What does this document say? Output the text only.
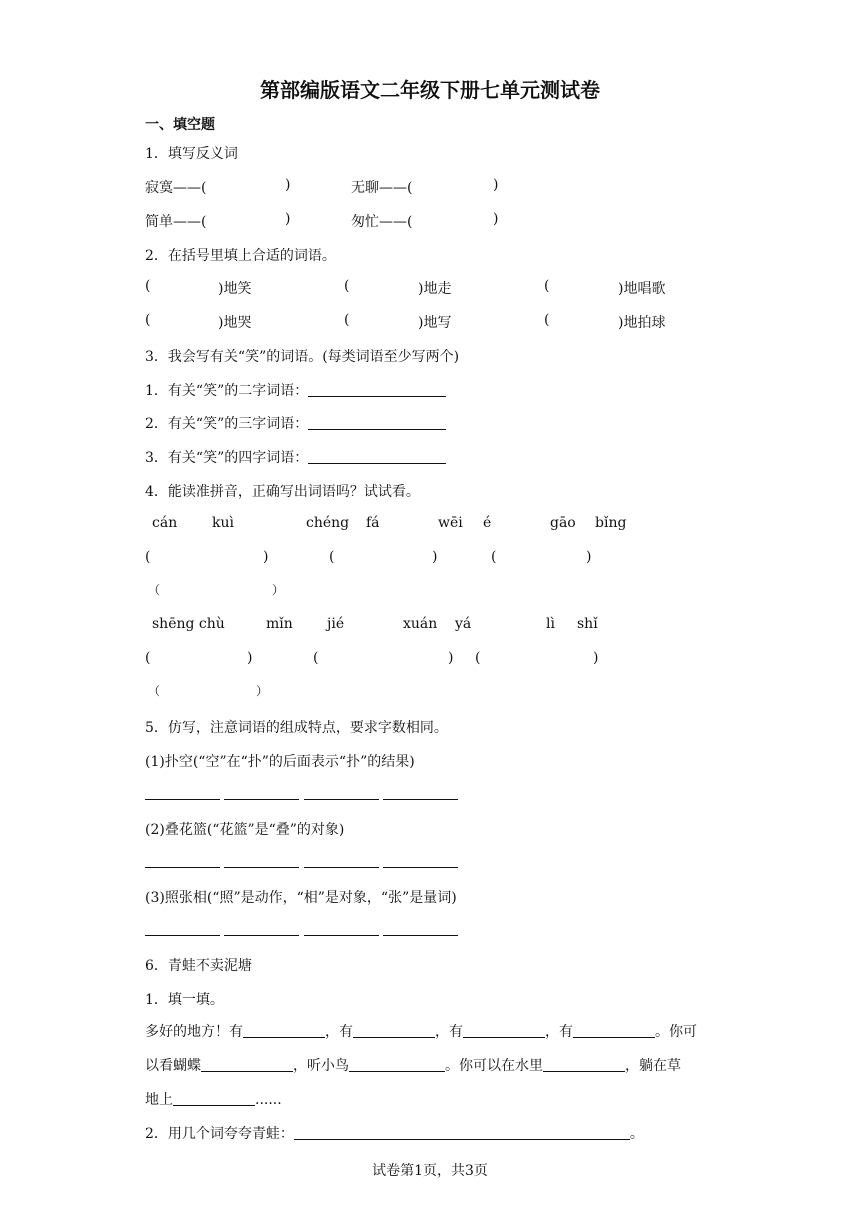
第部编版语文二年级下册七单元测试卷
一、填空题
1．填写反义词
寂寞——(	)	无聊——(	)
简单——(	)	匆忙——(	)
2．在括号里填上合适的词语。
(	)地笑	(	)地走	(	)地唱歌
(	)地哭	(	)地写	(	)地拍球
3．我会写有关“笑”的词语。(每类词语至少写两个)
1．有关“笑”的二字词语：
2．有关“笑”的三字词语：
3．有关“笑”的四字词语：
4．能读准拼音，正确写出词语吗？试试看。
cán kuì	chéng fá	wēi é	gāo bǐng
(	)	(	)	(	)
（	）
shēng chù	mǐn jié	xuán yá	lì shǐ
(	)	(	) (	)
（	）
5．仿写，注意词语的组成特点，要求字数相同。
(1)扑空(“空”在“扑”的后面表示“扑”的结果)

(2)叠花篮(“花篮”是“叠”的对象)

(3)照张相(“照”是动作，“相”是对象，“张”是量词)

6．青蛙不卖泥塘
1．填一填。
多好的地方！有	，有	，有	，有	。你可
以看蝴蝶	，听小鸟	。你可以在水里	，躺在草
地上	......
2．用几个词夸夸青蛙：	。
试卷第1页，共3页
